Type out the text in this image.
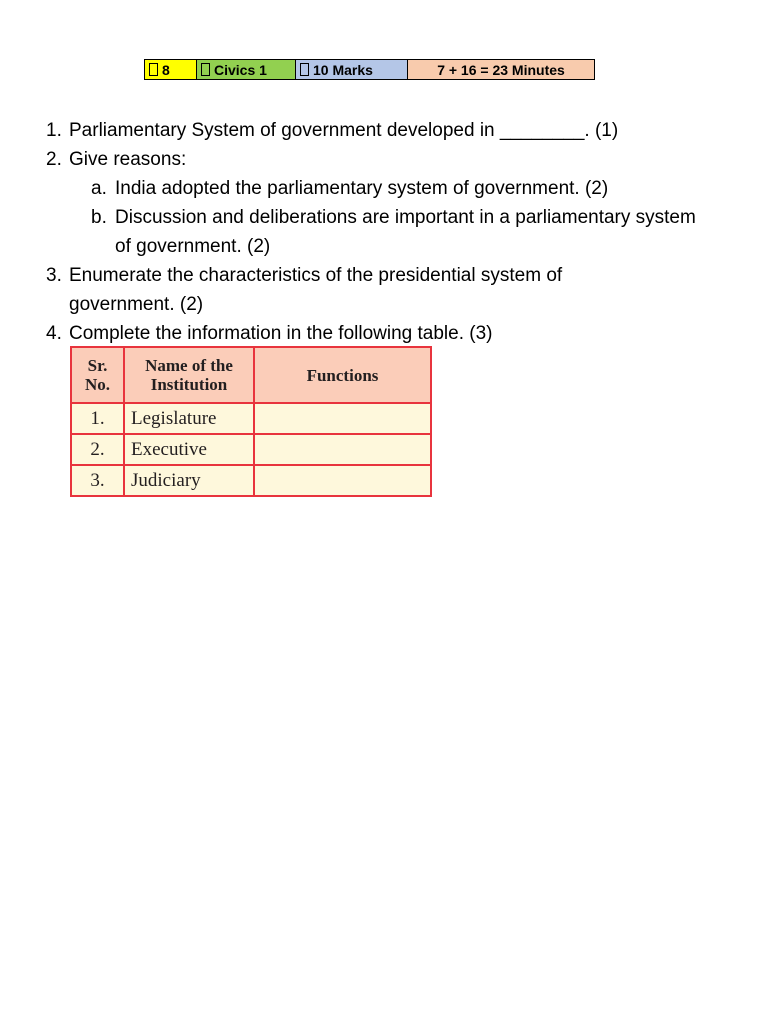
8	Civics 1	10 Marks	7 + 16 = 23 Minutes
1. Parliamentary System of government developed in ________. (1)
2. Give reasons:
a. India adopted the parliamentary system of government. (2)
b. Discussion and deliberations are important in a parliamentary system of government. (2)
3. Enumerate the characteristics of the presidential system of government. (2)
4. Complete the information in the following table. (3)
Sr. No.	Name of the Institution	Functions
1.	Legislature	
2.	Executive	
3.	Judiciary	
